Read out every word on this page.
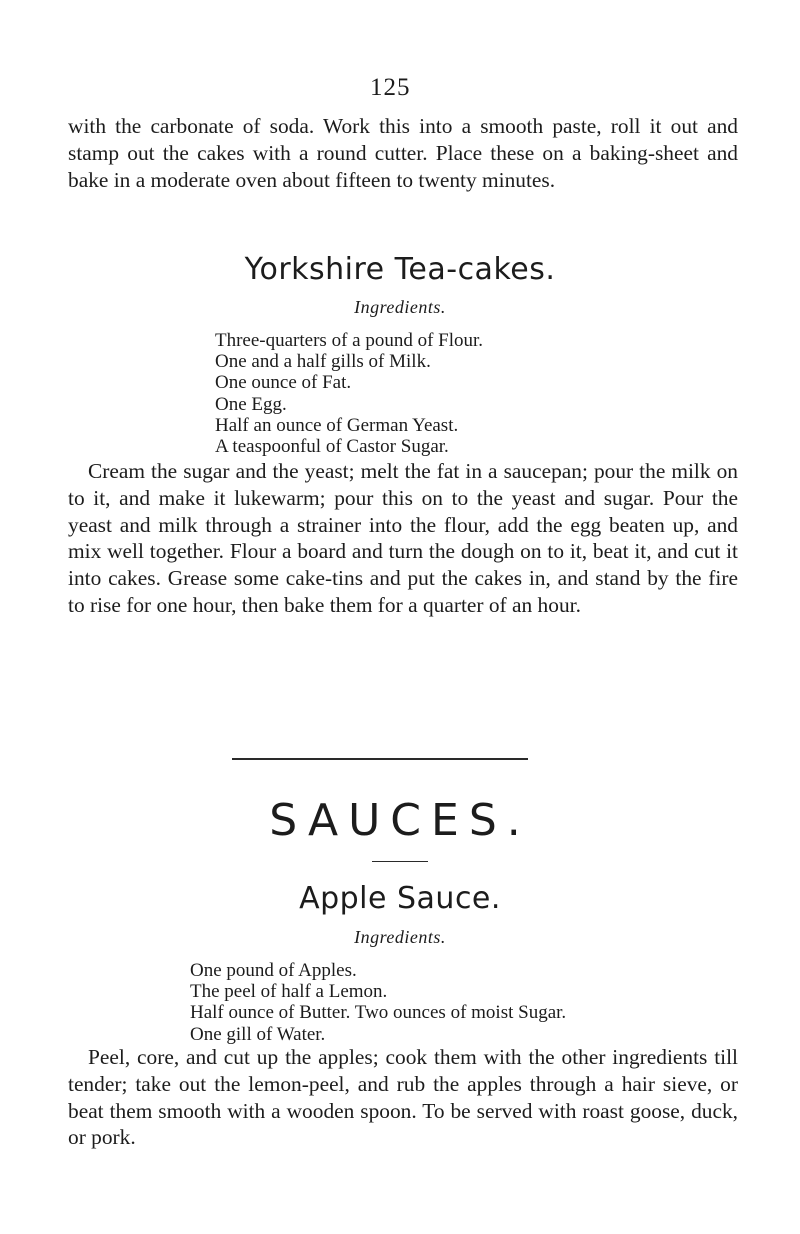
125

with the carbonate of soda. Work this into a smooth paste, roll it out and stamp out the cakes with a round cutter. Place these on a baking-sheet and bake in a moderate oven about fifteen to twenty minutes.

Yorkshire Tea-cakes.
Ingredients.
Three-quarters of a pound of Flour.
One and a half gills of Milk.
One ounce of Fat.
One Egg.
Half an ounce of German Yeast.
A teaspoonful of Castor Sugar.

Cream the sugar and the yeast; melt the fat in a saucepan; pour the milk on to it, and make it lukewarm; pour this on to the yeast and sugar. Pour the yeast and milk through a strainer into the flour, add the egg beaten up, and mix well together. Flour a board and turn the dough on to it, beat it, and cut it into cakes. Grease some cake-tins and put the cakes in, and stand by the fire to rise for one hour, then bake them for a quarter of an hour.

SAUCES.
Apple Sauce.
Ingredients.
One pound of Apples.
The peel of half a Lemon.
Half ounce of Butter. Two ounces of moist Sugar.
One gill of Water.

Peel, core, and cut up the apples; cook them with the other ingredients till tender; take out the lemon-peel, and rub the apples through a hair sieve, or beat them smooth with a wooden spoon. To be served with roast goose, duck, or pork.
